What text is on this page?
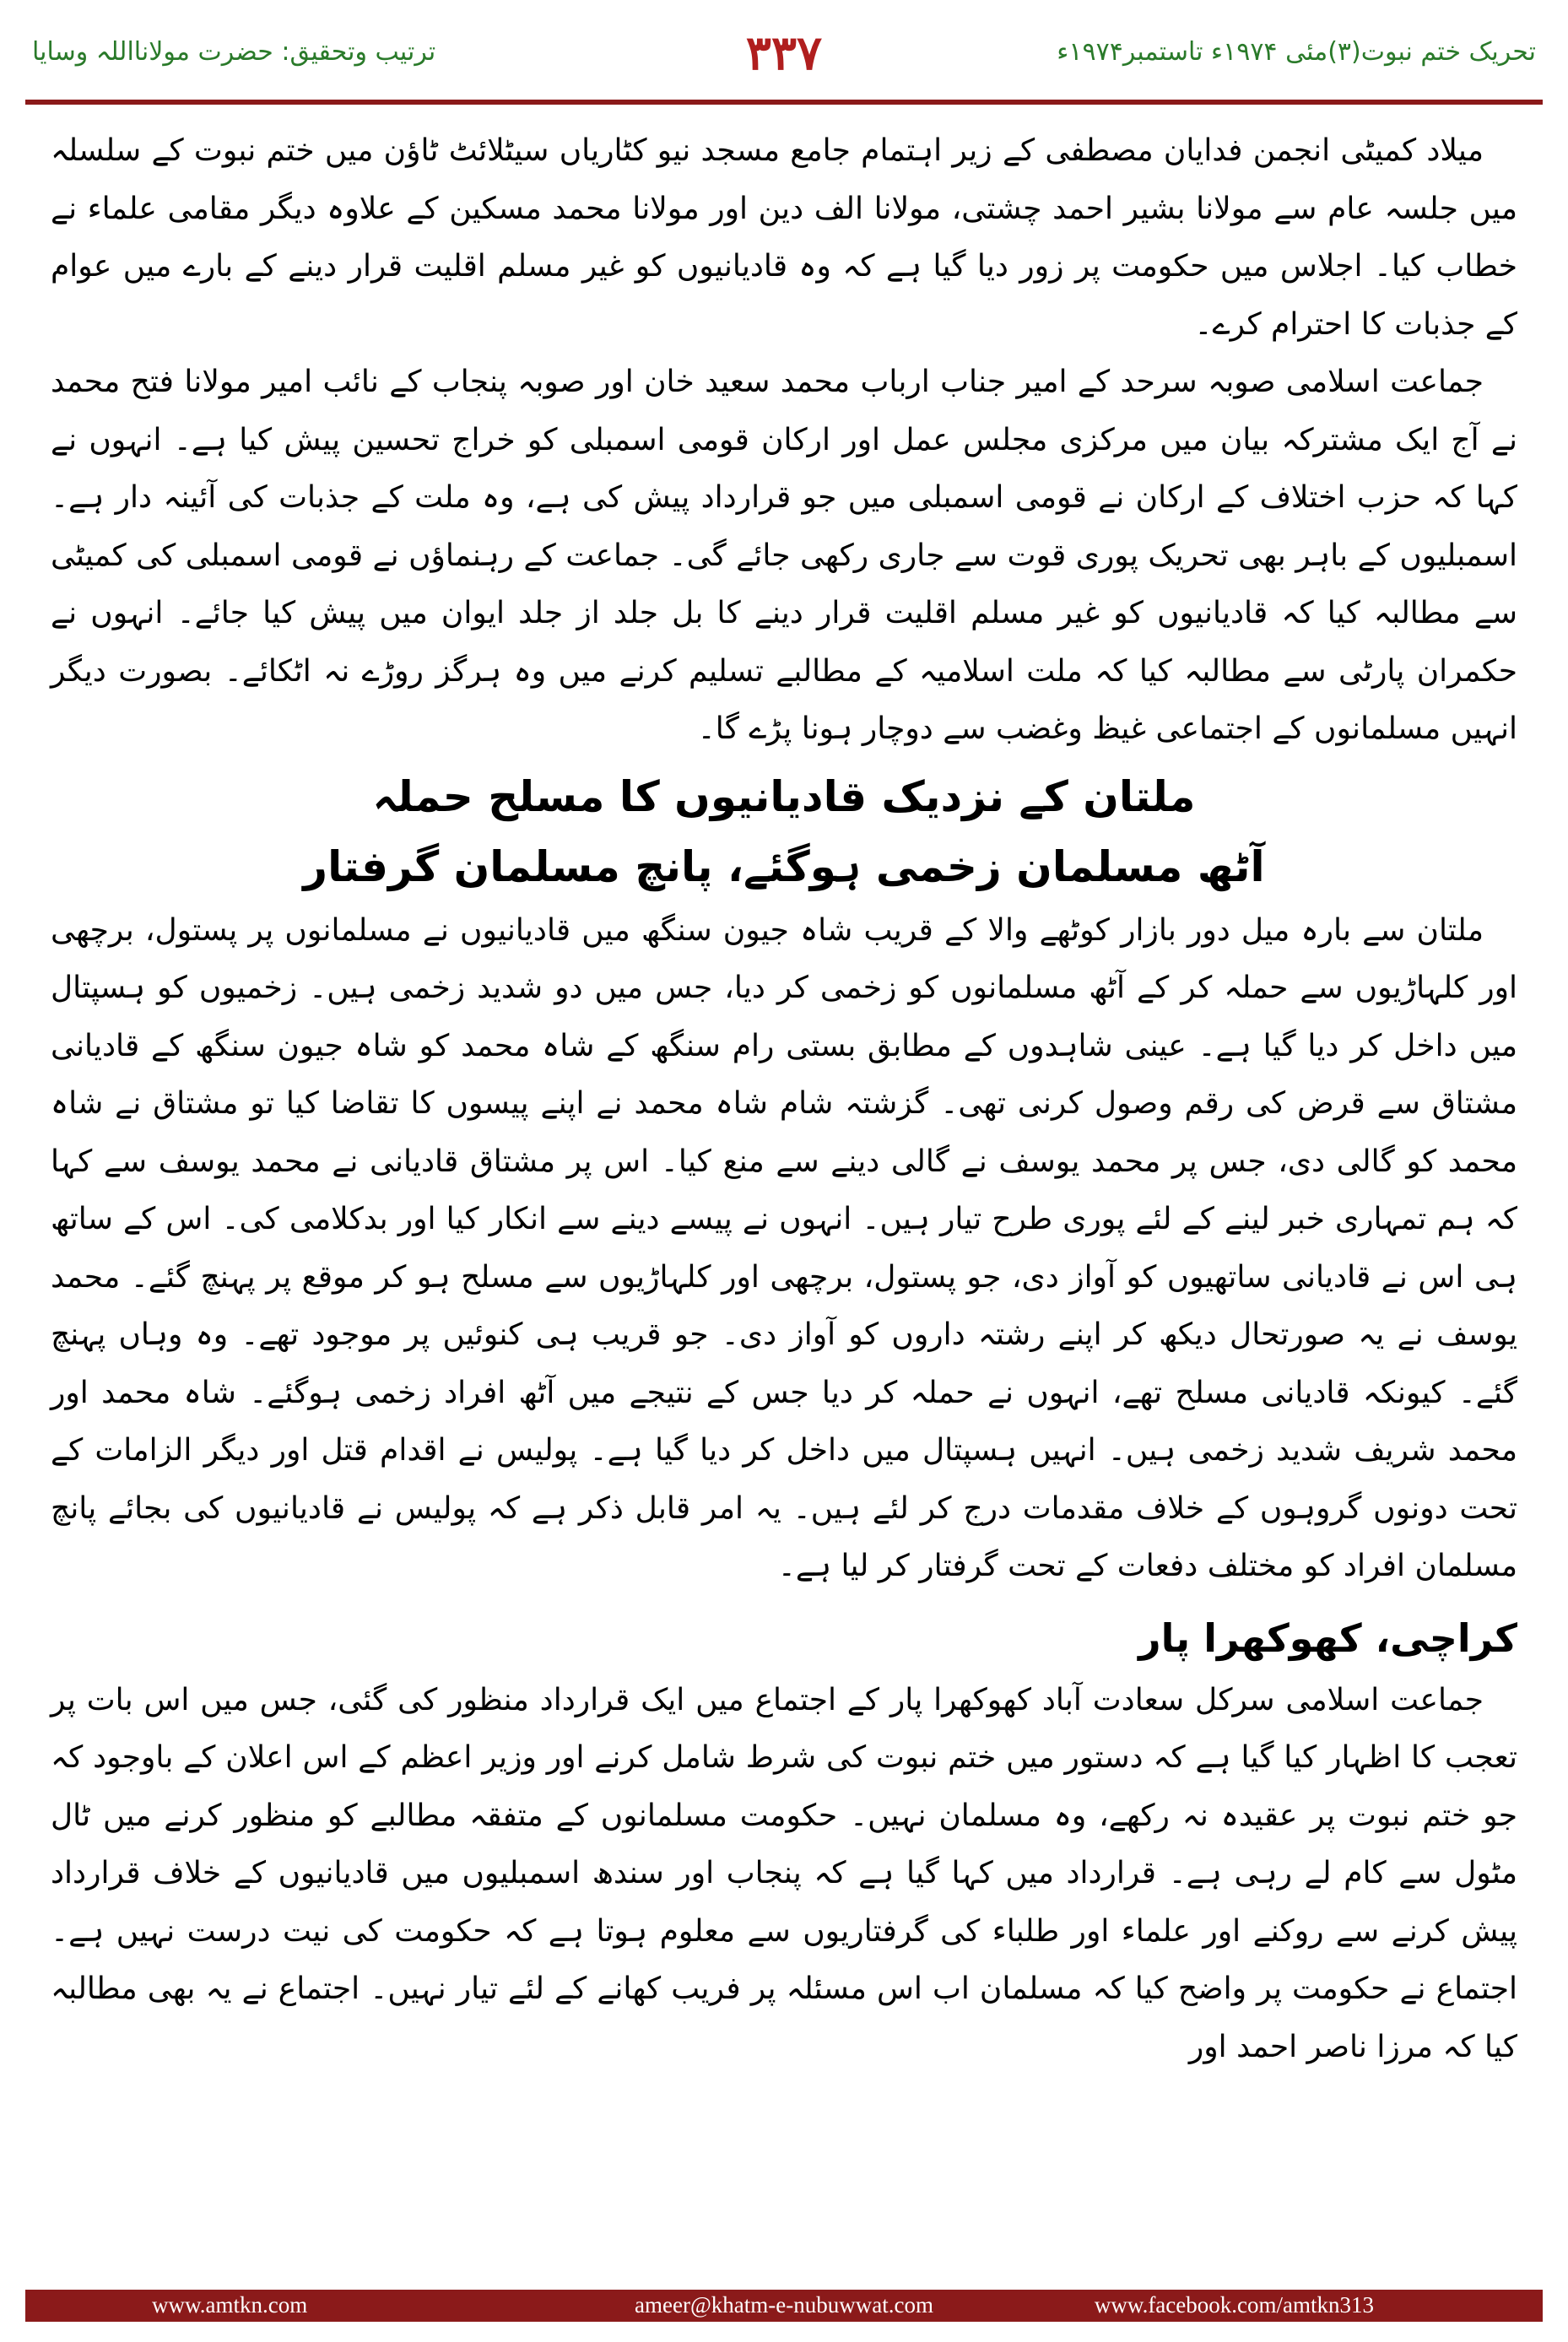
تحریک ختم نبوت(۳)مئی ۱۹۷۴ء تاستمبر۱۹۷۴ء
۳۳۷
ترتیب وتحقیق: حضرت مولانااللہ وسایا

میلاد کمیٹی انجمن فدایان مصطفی کے زیر اہتمام جامع مسجد نیو کٹاریاں سیٹلائٹ ٹاؤن میں ختم نبوت کے سلسلہ میں جلسہ عام سے مولانا بشیر احمد چشتی، مولانا الف دین اور مولانا محمد مسکین کے علاوہ دیگر مقامی علماء نے خطاب کیا۔ اجلاس میں حکومت پر زور دیا گیا ہے کہ وہ قادیانیوں کو غیر مسلم اقلیت قرار دینے کے بارے میں عوام کے جذبات کا احترام کرے۔

جماعت اسلامی صوبہ سرحد کے امیر جناب ارباب محمد سعید خان اور صوبہ پنجاب کے نائب امیر مولانا فتح محمد نے آج ایک مشترکہ بیان میں مرکزی مجلس عمل اور ارکان قومی اسمبلی کو خراج تحسین پیش کیا ہے۔ انہوں نے کہا کہ حزب اختلاف کے ارکان نے قومی اسمبلی میں جو قرارداد پیش کی ہے، وہ ملت کے جذبات کی آئینہ دار ہے۔ اسمبلیوں کے باہر بھی تحریک پوری قوت سے جاری رکھی جائے گی۔ جماعت کے رہنماؤں نے قومی اسمبلی کی کمیٹی سے مطالبہ کیا کہ قادیانیوں کو غیر مسلم اقلیت قرار دینے کا بل جلد از جلد ایوان میں پیش کیا جائے۔ انہوں نے حکمران پارٹی سے مطالبہ کیا کہ ملت اسلامیہ کے مطالبے تسلیم کرنے میں وہ ہرگز روڑے نہ اٹکائے۔ بصورت دیگر انہیں مسلمانوں کے اجتماعی غیظ وغضب سے دوچار ہونا پڑے گا۔

ملتان کے نزدیک قادیانیوں کا مسلح حملہ
آٹھ مسلمان زخمی ہوگئے، پانچ مسلمان گرفتار

ملتان سے بارہ میل دور بازار کوٹھے والا کے قریب شاہ جیون سنگھ میں قادیانیوں نے مسلمانوں پر پستول، برچھی اور کلہاڑیوں سے حملہ کر کے آٹھ مسلمانوں کو زخمی کر دیا، جس میں دو شدید زخمی ہیں۔ زخمیوں کو ہسپتال میں داخل کر دیا گیا ہے۔ عینی شاہدوں کے مطابق بستی رام سنگھ کے شاہ محمد کو شاہ جیون سنگھ کے قادیانی مشتاق سے قرض کی رقم وصول کرنی تھی۔ گزشتہ شام شاہ محمد نے اپنے پیسوں کا تقاضا کیا تو مشتاق نے شاہ محمد کو گالی دی، جس پر محمد یوسف نے گالی دینے سے منع کیا۔ اس پر مشتاق قادیانی نے محمد یوسف سے کہا کہ ہم تمہاری خبر لینے کے لئے پوری طرح تیار ہیں۔ انہوں نے پیسے دینے سے انکار کیا اور بدکلامی کی۔ اس کے ساتھ ہی اس نے قادیانی ساتھیوں کو آواز دی، جو پستول، برچھی اور کلہاڑیوں سے مسلح ہو کر موقع پر پہنچ گئے۔ محمد یوسف نے یہ صورتحال دیکھ کر اپنے رشتہ داروں کو آواز دی۔ جو قریب ہی کنوئیں پر موجود تھے۔ وہ وہاں پہنچ گئے۔ کیونکہ قادیانی مسلح تھے، انہوں نے حملہ کر دیا جس کے نتیجے میں آٹھ افراد زخمی ہوگئے۔ شاہ محمد اور محمد شریف شدید زخمی ہیں۔ انہیں ہسپتال میں داخل کر دیا گیا ہے۔ پولیس نے اقدام قتل اور دیگر الزامات کے تحت دونوں گروہوں کے خلاف مقدمات درج کر لئے ہیں۔ یہ امر قابل ذکر ہے کہ پولیس نے قادیانیوں کی بجائے پانچ مسلمان افراد کو مختلف دفعات کے تحت گرفتار کر لیا ہے۔

کراچی، کھوکھرا پار

جماعت اسلامی سرکل سعادت آباد کھوکھرا پار کے اجتماع میں ایک قرارداد منظور کی گئی، جس میں اس بات پر تعجب کا اظہار کیا گیا ہے کہ دستور میں ختم نبوت کی شرط شامل کرنے اور وزیر اعظم کے اس اعلان کے باوجود کہ جو ختم نبوت پر عقیدہ نہ رکھے، وہ مسلمان نہیں۔ حکومت مسلمانوں کے متفقہ مطالبے کو منظور کرنے میں ٹال مٹول سے کام لے رہی ہے۔ قرارداد میں کہا گیا ہے کہ پنجاب اور سندھ اسمبلیوں میں قادیانیوں کے خلاف قرارداد پیش کرنے سے روکنے اور علماء اور طلباء کی گرفتاریوں سے معلوم ہوتا ہے کہ حکومت کی نیت درست نہیں ہے۔ اجتماع نے حکومت پر واضح کیا کہ مسلمان اب اس مسئلہ پر فریب کھانے کے لئے تیار نہیں۔ اجتماع نے یہ بھی مطالبہ کیا کہ مرزا ناصر احمد اور

www.amtkn.com	ameer@khatm-e-nubuwwat.com	www.facebook.com/amtkn313
